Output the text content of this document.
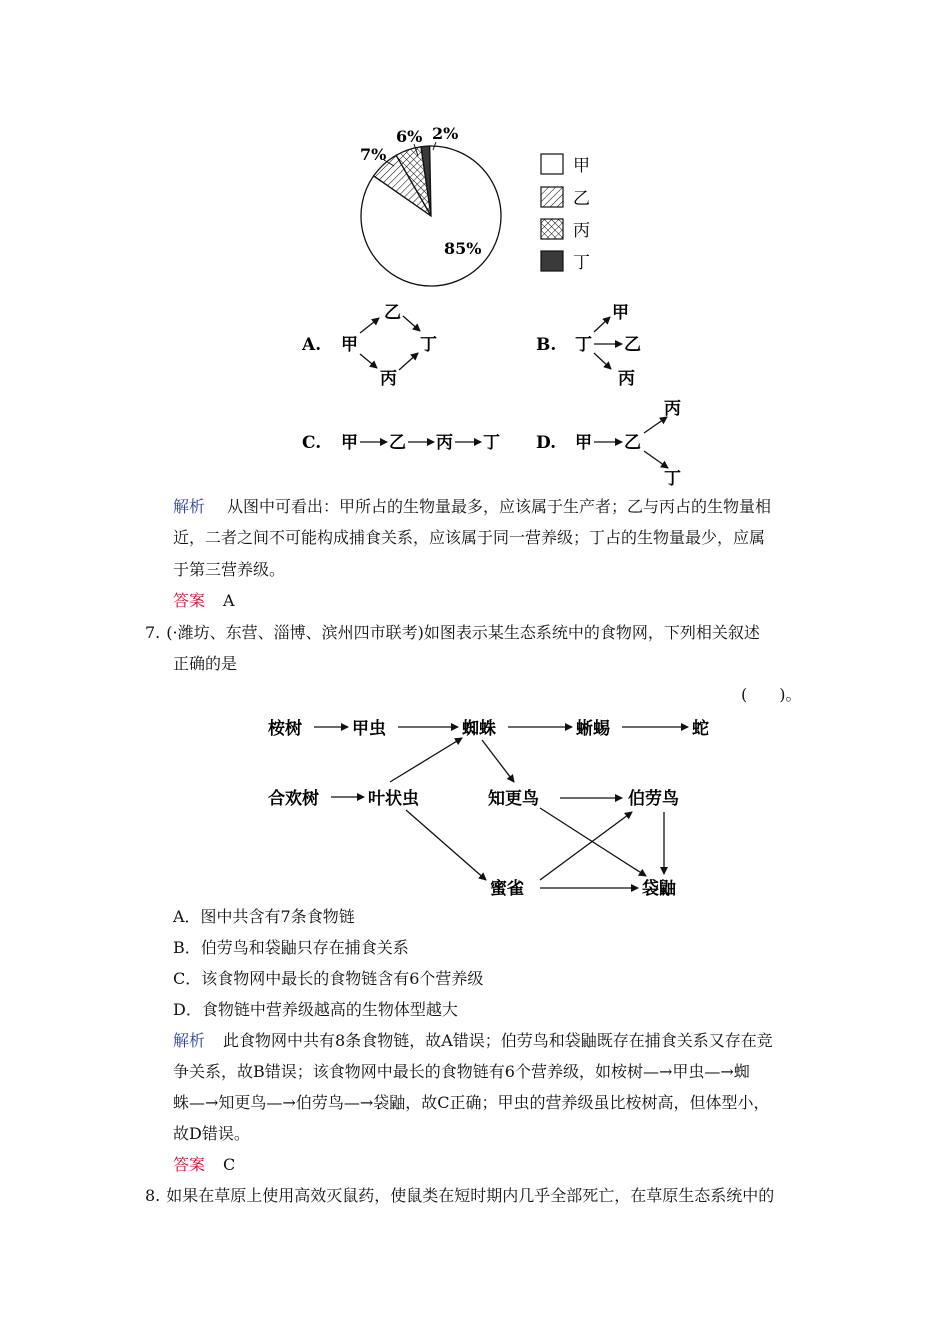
85%
7%
6% 2%
甲
乙
丙
丁
A. 甲
乙
丙
丁	B. 丁
甲
乙
丙
C. 甲 乙 丙 丁 D. 甲 乙
丙
丁
解析 从图中可看出：甲所占的生物量最多，应该属于生产者；乙与丙占的生物量相
近，二者之间不可能构成捕食关系，应该属于同一营养级；丁占的生物量最少，应属
于第三营养级。
答案 A
7. (·潍坊、东营、淄博、滨州四市联考)如图表示某生态系统中的食物网，下列相关叙述
正确的是
(　　)。
桉树	甲虫	蜘蛛	蜥蜴	蛇
合欢树	叶状虫	知更鸟	伯劳鸟
蜜雀	袋鼬
A．图中共含有7条食物链
B．伯劳鸟和袋鼬只存在捕食关系
C．该食物网中最长的食物链含有6个营养级
D．食物链中营养级越高的生物体型越大
解析 此食物网中共有8条食物链，故A错误；伯劳鸟和袋鼬既存在捕食关系又存在竞
争关系，故B错误；该食物网中最长的食物链有6个营养级，如桉树—→甲虫—→蜘
蛛—→知更鸟—→伯劳鸟—→袋鼬，故C正确；甲虫的营养级虽比桉树高，但体型小，
故D错误。
答案 C
8. 如果在草原上使用高效灭鼠药，使鼠类在短时期内几乎全部死亡，在草原生态系统中的
